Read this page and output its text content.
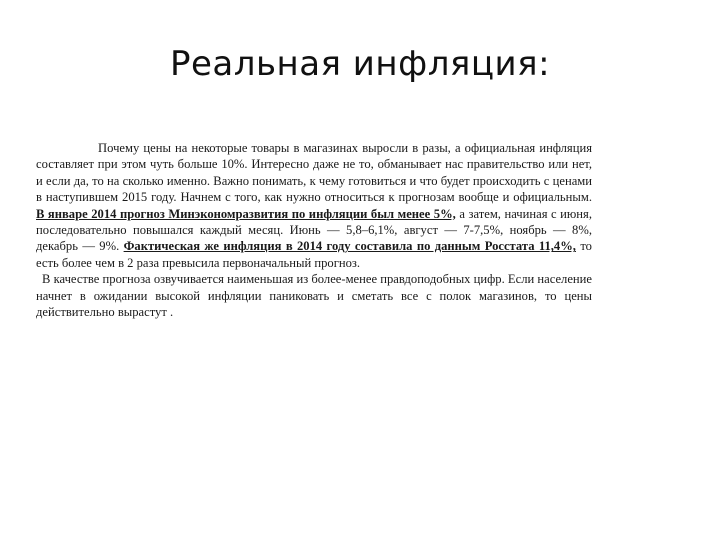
Реальная инфляция:

Почему цены на некоторые товары в магазинах выросли в разы, а официальная инфляция составляет при этом чуть больше 10%. Интересно даже не то, обманывает нас правительство или нет, и если да, то на сколько именно. Важно понимать, к чему готовиться и что будет происходить с ценами в наступившем 2015 году. Начнем с того, как нужно относиться к прогнозам вообще и официальным. В январе 2014 прогноз Минэкономразвития по инфляции был менее 5%, а затем, начиная с июня, последовательно повышался каждый месяц. Июнь — 5,8–6,1%, август — 7-7,5%, ноябрь — 8%, декабрь — 9%. Фактическая же инфляция в 2014 году составила по данным Росстата 11,4%, то есть более чем в 2 раза превысила первоначальный прогноз.

В качестве прогноза озвучивается наименьшая из более-менее правдоподобных цифр. Если население начнет в ожидании высокой инфляции паниковать и сметать все с полок магазинов, то цены действительно вырастут .
